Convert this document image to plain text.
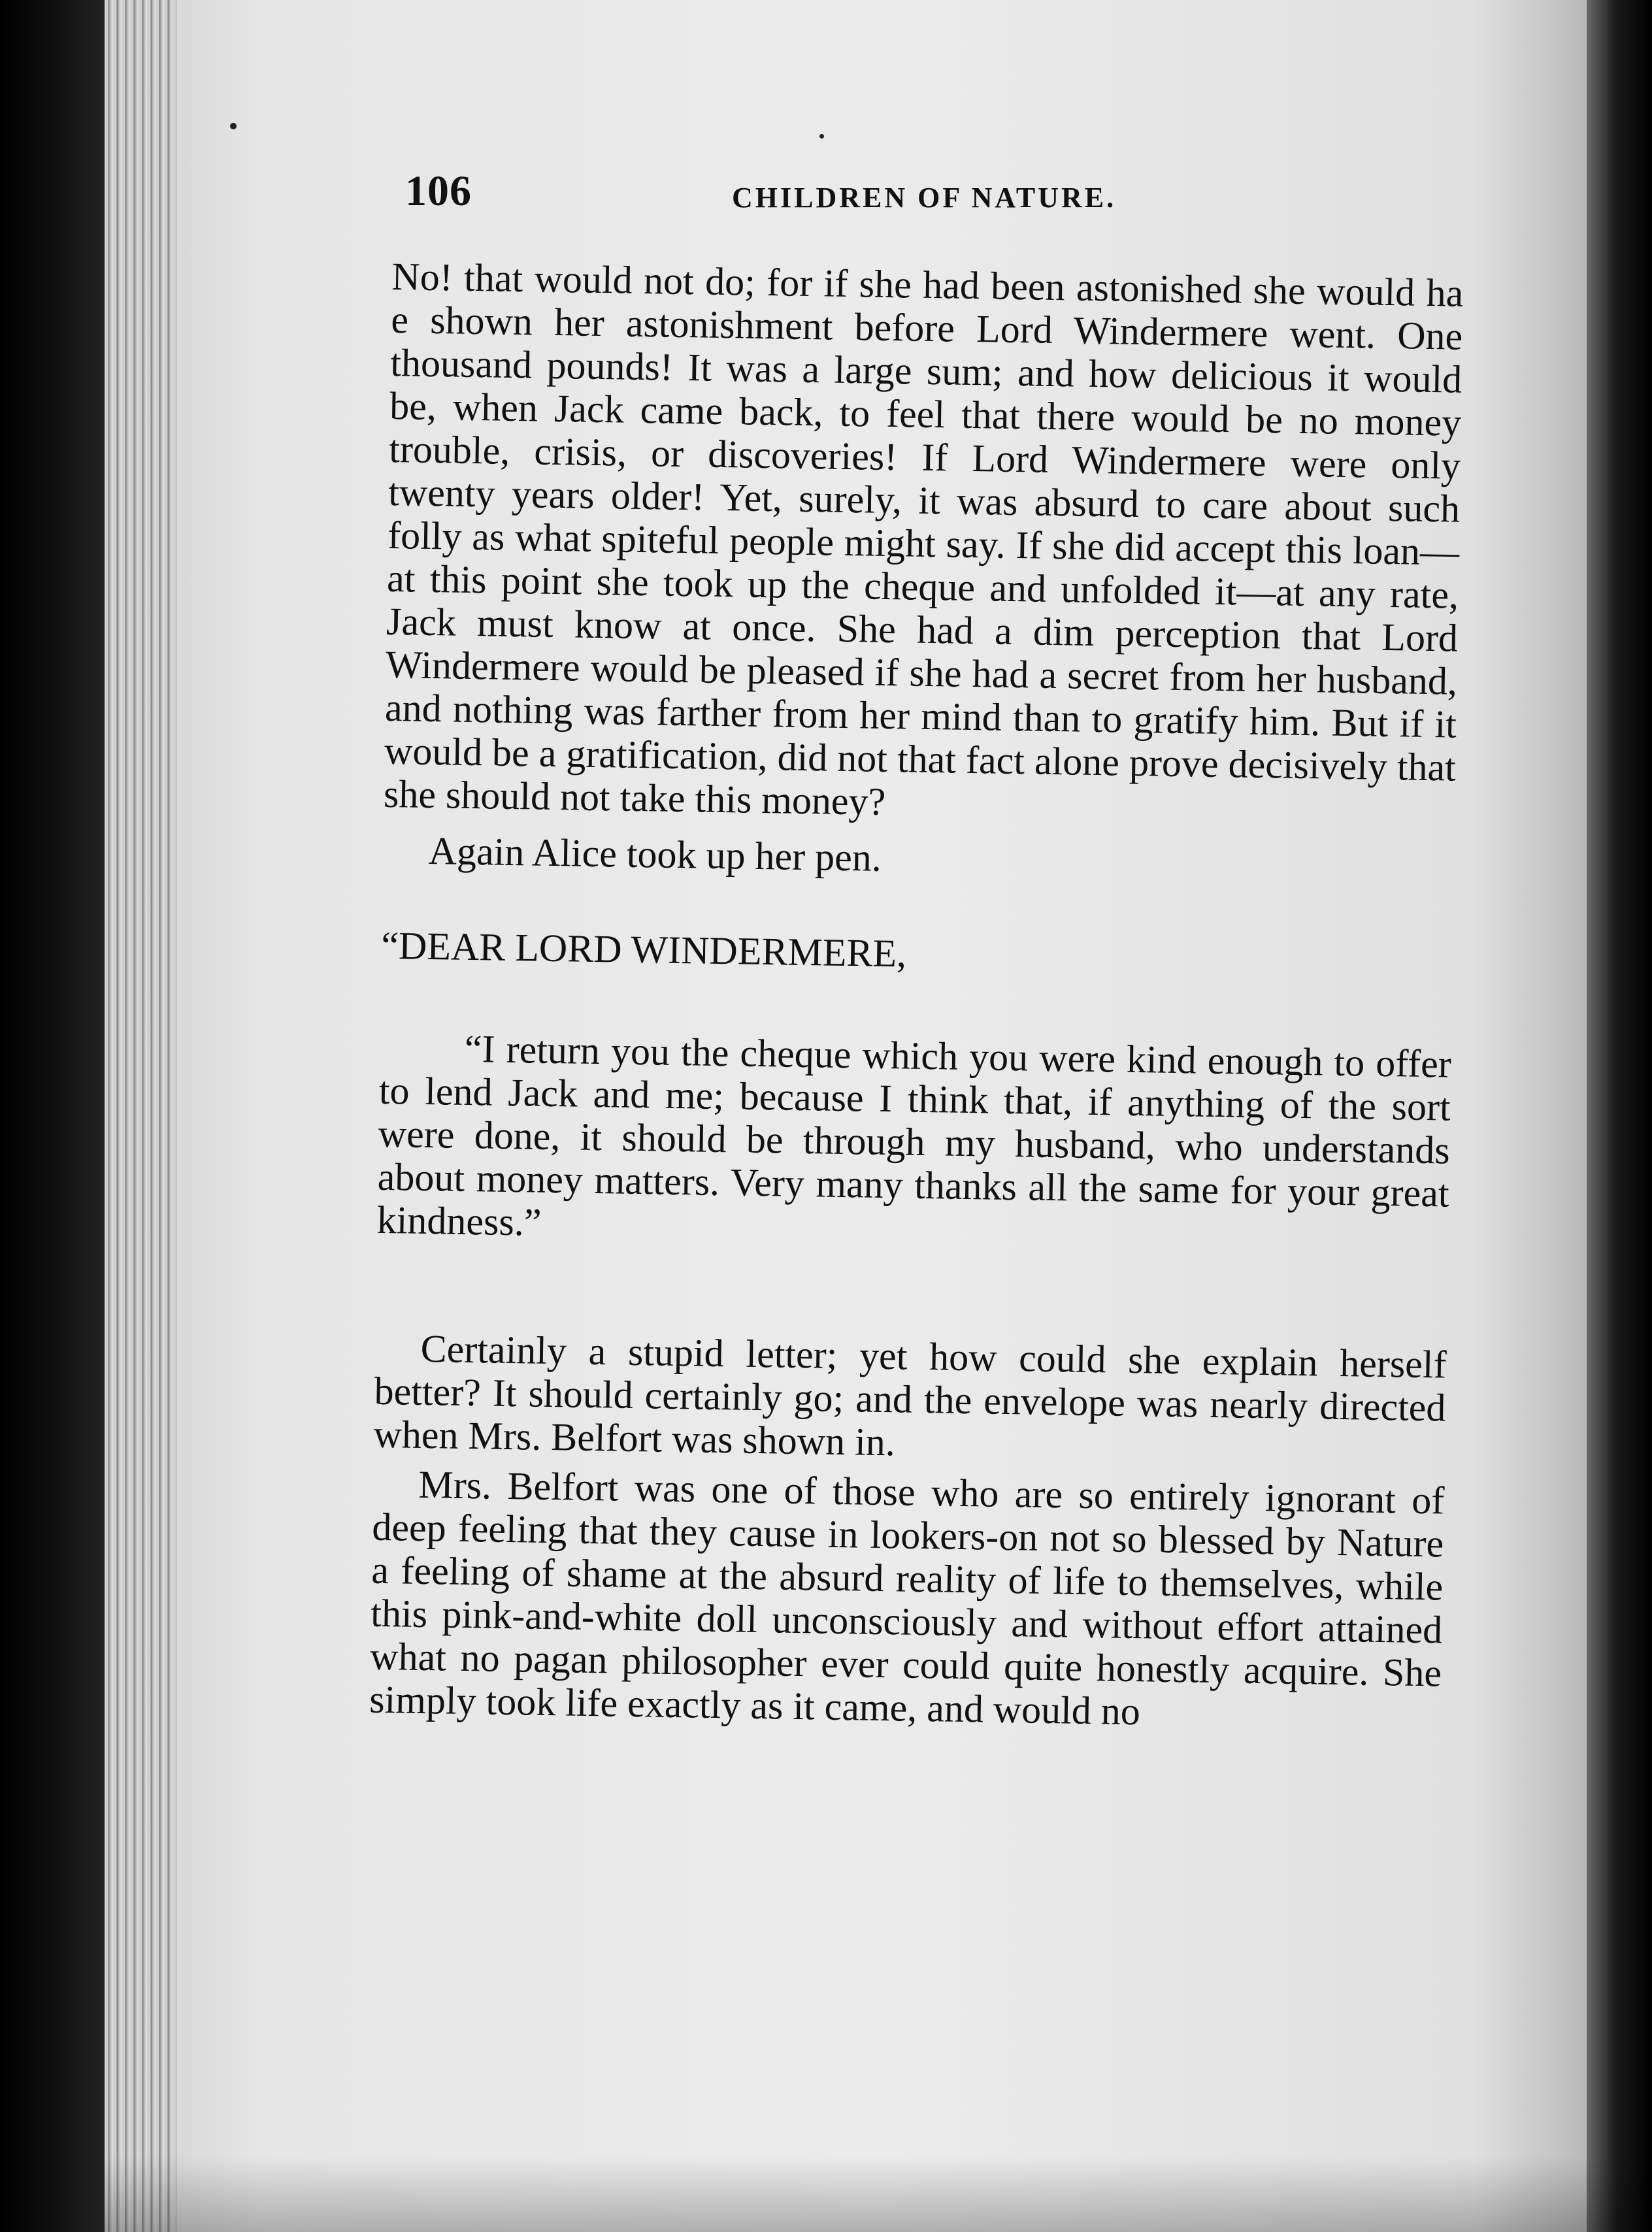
106	CHILDREN OF NATURE.

No! that would not do; for if she had been astonished she would ha e shown her astonishment before Lord Windermere went. One thousand pounds! It was a large sum; and how delicious it would be, when Jack came back, to feel that there would be no money trouble, crisis, or discoveries! If Lord Windermere were only twenty years older! Yet, surely, it was absurd to care about such folly as what spiteful people might say. If she did accept this loan—at this point she took up the cheque and unfolded it—at any rate, Jack must know at once. She had a dim perception that Lord Windermere would be pleased if she had a secret from her husband, and nothing was farther from her mind than to gratify him. But if it would be a gratification, did not that fact alone prove decisively that she should not take this money?

Again Alice took up her pen.

“DEAR LORD WINDERMERE,

“I return you the cheque which you were kind enough to offer to lend Jack and me; because I think that, if anything of the sort were done, it should be through my husband, who understands about money matters. Very many thanks all the same for your great kindness.”

Certainly a stupid letter; yet how could she explain herself better? It should certainly go; and the envelope was nearly directed when Mrs. Belfort was shown in.

Mrs. Belfort was one of those who are so entirely ignorant of deep feeling that they cause in lookers-on not so blessed by Nature a feeling of shame at the absurd reality of life to themselves, while this pink-and-white doll unconsciously and without effort attained what no pagan philosopher ever could quite honestly acquire. She simply took life exactly as it came, and would no
